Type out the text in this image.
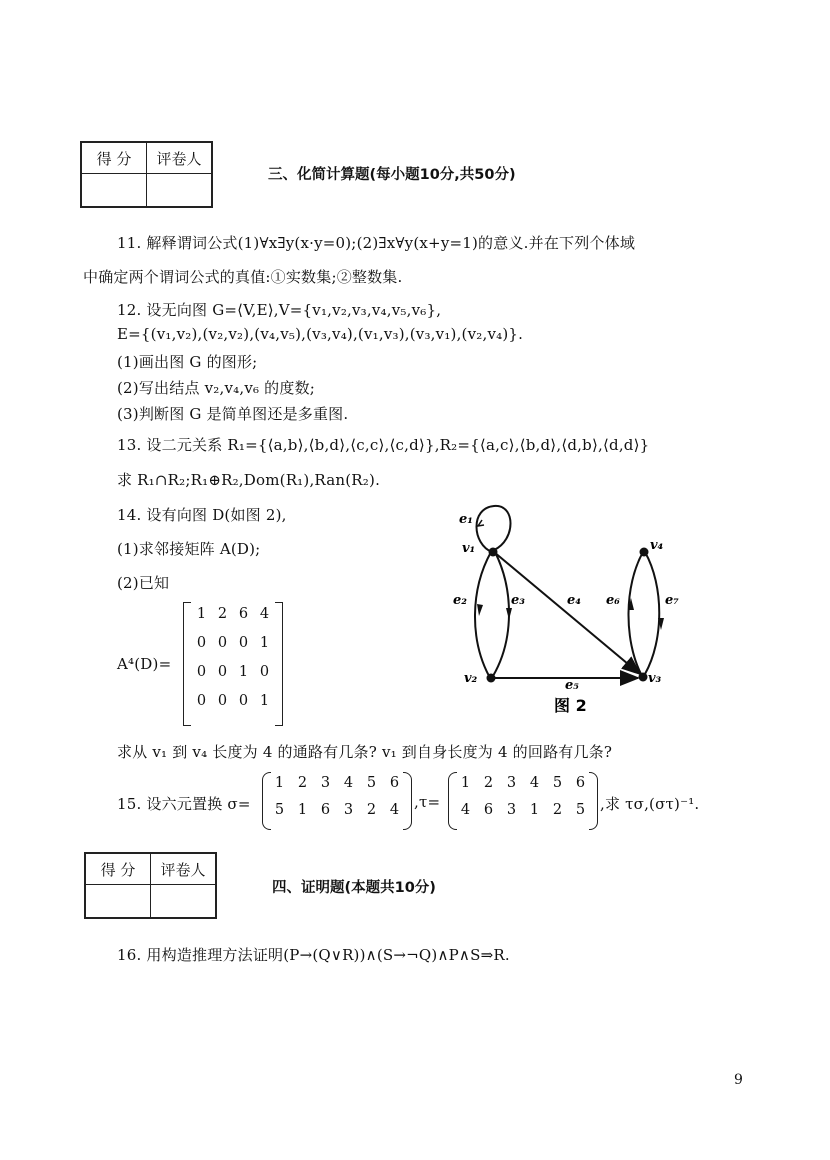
得 分	评卷人

三、化简计算题(每小题10分,共50分)
11. 解释谓词公式(1)∀x∃y(x·y=0);(2)∃x∀y(x+y=1)的意义.并在下列个体域
中确定两个谓词公式的真值:①实数集;②整数集.
12. 设无向图 G=⟨V,E⟩,V={v₁,v₂,v₃,v₄,v₅,v₆},
E={(v₁,v₂),(v₂,v₂),(v₄,v₅),(v₃,v₄),(v₁,v₃),(v₃,v₁),(v₂,v₄)}.
(1)画出图 G 的图形;
(2)写出结点 v₂,v₄,v₆ 的度数;
(3)判断图 G 是简单图还是多重图.
13. 设二元关系 R₁={⟨a,b⟩,⟨b,d⟩,⟨c,c⟩,⟨c,d⟩},R₂={⟨a,c⟩,⟨b,d⟩,⟨d,b⟩,⟨d,d⟩}
求 R₁∩R₂;R₁⊕R₂,Dom(R₁),Ran(R₂).
14. 设有向图 D(如图 2),
(1)求邻接矩阵 A(D);
(2)已知
A⁴(D)=
1 2 6 4
0 0 0 1
0 0 1 0
0 0 0 1
e₁
v₁	v₄
e₂	e₃	e₄ e₆	e₇
v₂	e₅	v₃
图 2
求从 v₁ 到 v₄ 长度为 4 的通路有几条? v₁ 到自身长度为 4 的回路有几条?
15. 设六元置换 σ=
1 2 3 4 5 6
5 1 6 3 2 4 ,τ=
1 2 3 4 5 6
4 6 3 1 2 5 ,求 τσ,(στ)⁻¹.
得 分	评卷人

四、证明题(本题共10分)
16. 用构造推理方法证明(P→(Q∨R))∧(S→¬Q)∧P∧S⇒R.
9
